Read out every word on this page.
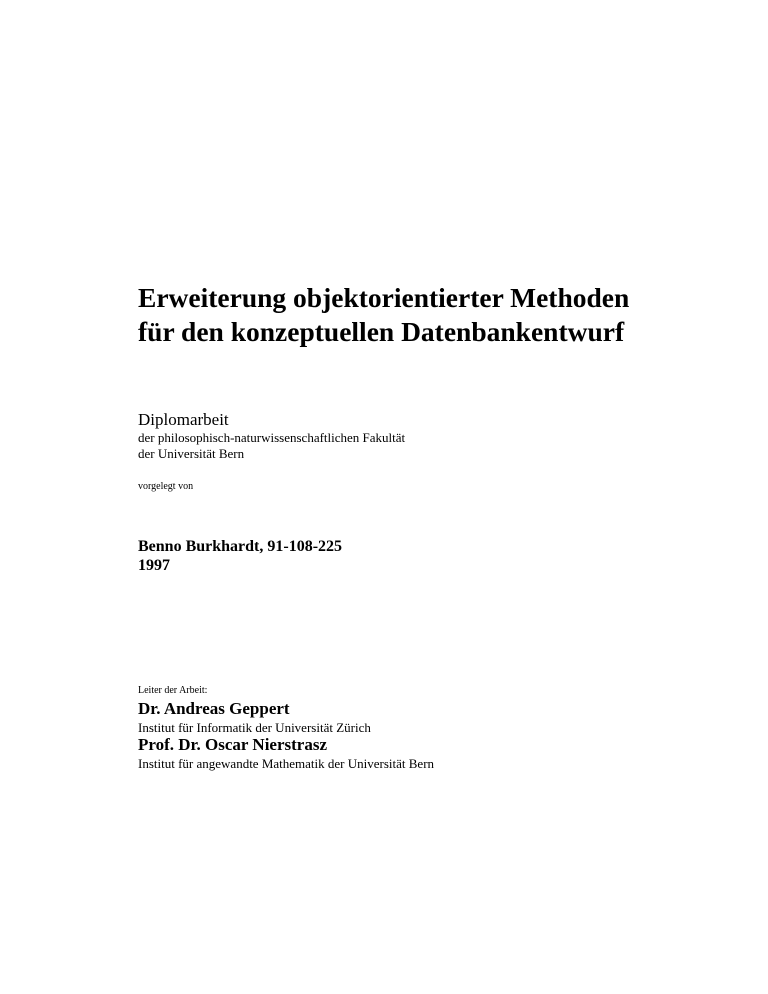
Erweiterung objektorientierter Methoden
für den konzeptuellen Datenbankentwurf
Diplomarbeit
der philosophisch-naturwissenschaftlichen Fakultät
der Universität Bern
vorgelegt von
Benno Burkhardt, 91-108-225
1997
Leiter der Arbeit:
Dr. Andreas Geppert
Institut für Informatik der Universität Zürich
Prof. Dr. Oscar Nierstrasz
Institut für angewandte Mathematik der Universität Bern
